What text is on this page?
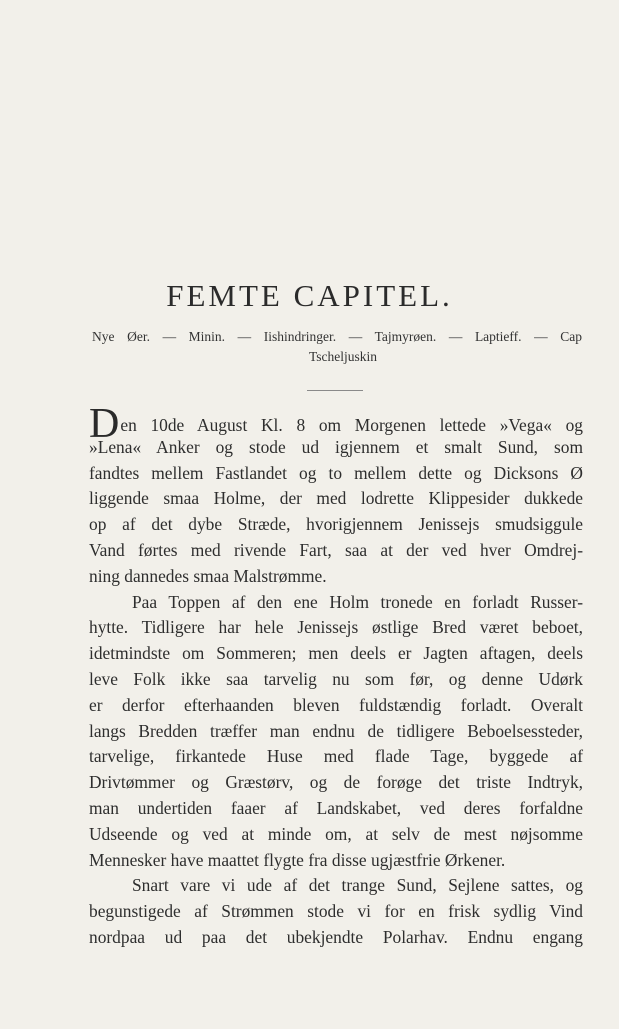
FEMTE CAPITEL.
Nye Øer. — Minin. — Iishindringer. — Tajmyrøen. — Laptieff. — Cap
Tscheljuskin
Den 10de August Kl. 8 om Morgenen lettede »Vega« og
»Lena« Anker og stode ud igjennem et smalt Sund, som
fandtes mellem Fastlandet og to mellem dette og Dicksons Ø
liggende smaa Holme, der med lodrette Klippesider dukkede
op af det dybe Stræde, hvorigjennem Jenissejs smudsiggule
Vand førtes med rivende Fart, saa at der ved hver Omdrej-
ning dannedes smaa Malstrømme.
Paa Toppen af den ene Holm tronede en forladt Russer-
hytte. Tidligere har hele Jenissejs østlige Bred været beboet,
idetmindste om Sommeren; men deels er Jagten aftagen, deels
leve Folk ikke saa tarvelig nu som før, og denne Udørk
er derfor efterhaanden bleven fuldstændig forladt. Overalt
langs Bredden træffer man endnu de tidligere Beboelsessteder,
tarvelige, firkantede Huse med flade Tage, byggede af
Drivtømmer og Græstørv, og de forøge det triste Indtryk,
man undertiden faaer af Landskabet, ved deres forfaldne
Udseende og ved at minde om, at selv de mest nøjsomme
Mennesker have maattet flygte fra disse ugjæstfrie Ørkener.
Snart vare vi ude af det trange Sund, Sejlene sattes, og
begunstigede af Strømmen stode vi for en frisk sydlig Vind
nordpaa ud paa det ubekjendte Polarhav. Endnu engang
